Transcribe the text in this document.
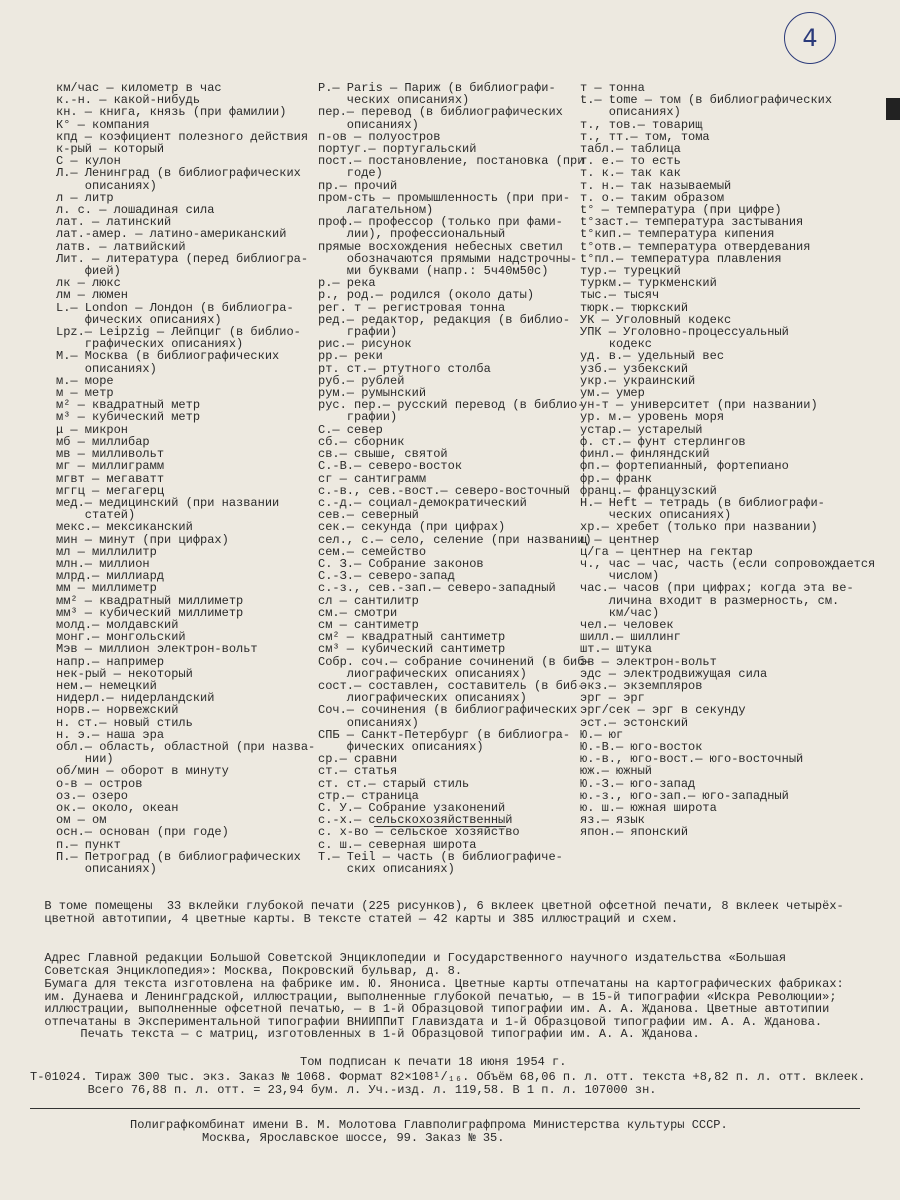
4
км/час — километр в час
к.-н. — какой-нибудь
кн. — книга, князь (при фамилии)
К° — компания
кпд — коэфициент полезного действия
к-рый — который
С — кулон
Л.— Ленинград (в библиографических
описаниях)
л — литр
л. с. — лошадиная сила
лат. — латинский
лат.-амер. — латино-американский
латв. — латвийский
Лит. — литература (перед библиогра-
фией)
лк — люкс
лм — люмен
L.— London — Лондон (в библиогра-
фических описаниях)
Lpz.— Leipzig — Лейпциг (в библио-
графических описаниях)
М.— Москва (в библиографических
описаниях)
м.— море
м — метр
м² — квадратный метр
м³ — кубический метр
μ — микрон
мб — миллибар
мв — милливольт
мг — миллиграмм
мгвт — мегаватт
мггц — мегагерц
мед.— медицинский (при названии
статей)
мекс.— мексиканский
мин — минут (при цифрах)
мл — миллилитр
млн.— миллион
млрд.— миллиард
мм — миллиметр
мм² — квадратный миллиметр
мм³ — кубический миллиметр
молд.— молдавский
монг.— монгольский
Мэв — миллион электрон-вольт
напр.— например
нек-рый — некоторый
нем.— немецкий
нидерл.— нидерландский
норв.— норвежский
н. ст.— новый стиль
н. э.— наша эра
обл.— область, областной (при назва-
нии)
об/мин — оборот в минуту
о-в — остров
оз.— озеро
ок.— около, океан
ом — ом
осн.— основан (при годе)
п.— пункт
П.— Петроград (в библиографических
описаниях)
Р.— Paris — Париж (в библиографи-
ческих описаниях)
пер.— перевод (в библиографических
описаниях)
п-ов — полуостров
португ.— португальский
пост.— постановление, постановка (при
годе)
пр.— прочий
пром-сть — промышленность (при при-
лагательном)
проф.— профессор (только при фами-
лии), профессиональный
прямые восхождения небесных светил
обозначаются прямыми надстрочны-
ми буквами (напр.: 5ч40м50с)
р.— река
р., род.— родился (около даты)
рег. т — регистровая тонна
ред.— редактор, редакция (в библио-
графии)
рис.— рисунок
рр.— реки
рт. ст.— ртутного столба
руб.— рублей
рум.— румынский
рус. пер.— русский перевод (в библио-
графии)
С.— север
сб.— сборник
св.— свыше, святой
С.-В.— северо-восток
сг — сантиграмм
с.-в., сев.-вост.— северо-восточный
с.-д.— социал-демократический
сев.— северный
сек.— секунда (при цифрах)
сел., с.— село, селение (при названии)
сем.— семейство
С. З.— Собрание законов
С.-З.— северо-запад
с.-з., сев.-зап.— северо-западный
сл — сантилитр
см.— смотри
см — сантиметр
см² — квадратный сантиметр
см³ — кубический сантиметр
Собр. соч.— собрание сочинений (в биб-
лиографических описаниях)
сост.— составлен, составитель (в биб-
лиографических описаниях)
Соч.— сочинения (в библиографических
описаниях)
СПБ — Санкт-Петербург (в библиогра-
фических описаниях)
ср.— сравни
ст.— статья
ст. ст.— старый стиль
стр.— страница
С. У.— Собрание узаконений
с.-х.— сельскохозяйственный
с. х-во — сельское хозяйство
с. ш.— северная широта
Т.— Teil — часть (в библиографиче-
ских описаниях)
т — тонна
t.— tome — том (в библиографических
описаниях)
т., тов.— товарищ
т., тт.— том, тома
табл.— таблица
т. е.— то есть
т. к.— так как
т. н.— так называемый
т. о.— таким образом
t° — температура (при цифре)
t°заст.— температура застывания
t°кип.— температура кипения
t°отв.— температура отвердевания
t°пл.— температура плавления
тур.— турецкий
туркм.— туркменский
тыс.— тысяч
тюрк.— тюркский
УК — Уголовный кодекс
УПК — Уголовно-процессуальный
кодекс
уд. в.— удельный вес
узб.— узбекский
укр.— украинский
ум.— умер
ун-т — университет (при названии)
ур. м.— уровень моря
устар.— устарелый
ф. ст.— фунт стерлингов
финл.— финляндский
фп.— фортепианный, фортепиано
фр.— франк
франц.— французский
Н.— Heft — тетрадь (в библиографи-
ческих описаниях)
хр.— хребет (только при названии)
ц — центнер
ц/га — центнер на гектар
ч., час — час, часть (если сопровождается
числом)
час.— часов (при цифрах; когда эта ве-
личина входит в размерность, см.
км/час)
чел.— человек
шилл.— шиллинг
шт.— штука
эв — электрон-вольт
эдс — электродвижущая сила
экз.— экземпляров
эрг — эрг
эрг/сек — эрг в секунду
эст.— эстонский
Ю.— юг
Ю.-В.— юго-восток
ю.-в., юго-вост.— юго-восточный
юж.— южный
Ю.-З.— юго-запад
ю.-з., юго-зап.— юго-западный
ю. ш.— южная широта
яз.— язык
япон.— японский
В томе помещены  33 вклейки глубокой печати (225 рисунков), 6 вклеек цветной офсетной печати, 8 вклеек четырёх-
цветной автотипии, 4 цветные карты. В тексте статей — 42 карты и 385 иллюстраций и схем.
Адрес Главной редакции Большой Советской Энциклопедии и Государственного научного издательства «Большая
Советская Энциклопедия»: Москва, Покровский бульвар, д. 8.
Бумага для текста изготовлена на фабрике им. Ю. Янониса. Цветные карты отпечатаны на картографических фабриках:
им. Дунаева и Ленинградской, иллюстрации, выполненные глубокой печатью, — в 15-й типографии «Искра Революции»;
иллюстрации, выполненные офсетной печатью, — в 1-й Образцовой типографии им. А. А. Жданова. Цветные автотипии
отпечатаны в Экспериментальной типографии ВНИИППиТ Главиздата и 1-й Образцовой типографии им. А. А. Жданова.
Печать текста — с матриц, изготовленных в 1-й Образцовой типографии им. А. А. Жданова.
Том подписан к печати 18 июня 1954 г.
Т-01024. Тираж 300 тыс. экз. Заказ № 1068. Формат 82×108¹/₁₆. Объём 68,06 п. л. отт. текста +8,82 п. л. отт. вклеек.
Всего 76,88 п. л. отт. = 23,94 бум. л. Уч.-изд. л. 119,58. В 1 п. л. 107000 зн.
Полиграфкомбинат имени В. М. Молотова Главполиграфпрома Министерства культуры СССР.
Москва, Ярославское шоссе, 99. Заказ № 35.
